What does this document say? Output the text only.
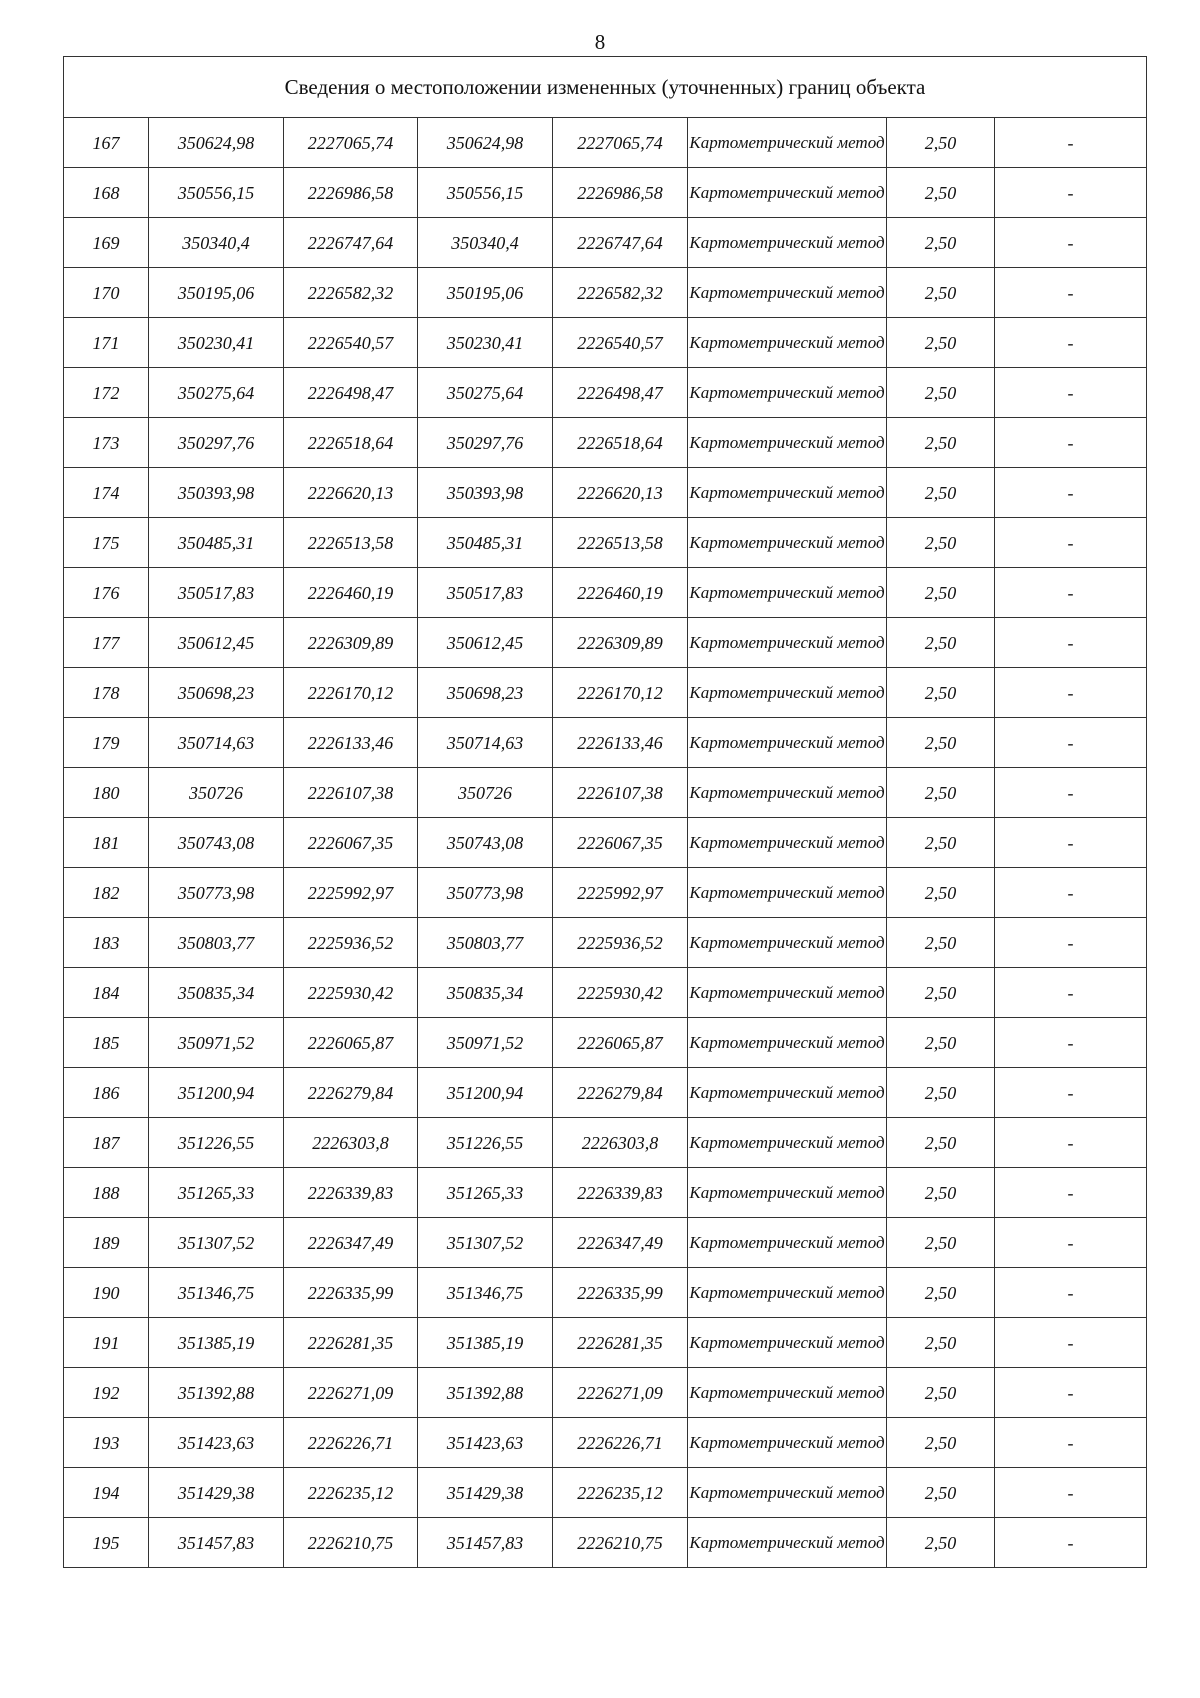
8
Сведения о местоположении измененных (уточненных) границ объекта							
167	350624,98	2227065,74	350624,98	2227065,74	Картометрический метод	2,50	-
168	350556,15	2226986,58	350556,15	2226986,58	Картометрический метод	2,50	-
169	350340,4	2226747,64	350340,4	2226747,64	Картометрический метод	2,50	-
170	350195,06	2226582,32	350195,06	2226582,32	Картометрический метод	2,50	-
171	350230,41	2226540,57	350230,41	2226540,57	Картометрический метод	2,50	-
172	350275,64	2226498,47	350275,64	2226498,47	Картометрический метод	2,50	-
173	350297,76	2226518,64	350297,76	2226518,64	Картометрический метод	2,50	-
174	350393,98	2226620,13	350393,98	2226620,13	Картометрический метод	2,50	-
175	350485,31	2226513,58	350485,31	2226513,58	Картометрический метод	2,50	-
176	350517,83	2226460,19	350517,83	2226460,19	Картометрический метод	2,50	-
177	350612,45	2226309,89	350612,45	2226309,89	Картометрический метод	2,50	-
178	350698,23	2226170,12	350698,23	2226170,12	Картометрический метод	2,50	-
179	350714,63	2226133,46	350714,63	2226133,46	Картометрический метод	2,50	-
180	350726	2226107,38	350726	2226107,38	Картометрический метод	2,50	-
181	350743,08	2226067,35	350743,08	2226067,35	Картометрический метод	2,50	-
182	350773,98	2225992,97	350773,98	2225992,97	Картометрический метод	2,50	-
183	350803,77	2225936,52	350803,77	2225936,52	Картометрический метод	2,50	-
184	350835,34	2225930,42	350835,34	2225930,42	Картометрический метод	2,50	-
185	350971,52	2226065,87	350971,52	2226065,87	Картометрический метод	2,50	-
186	351200,94	2226279,84	351200,94	2226279,84	Картометрический метод	2,50	-
187	351226,55	2226303,8	351226,55	2226303,8	Картометрический метод	2,50	-
188	351265,33	2226339,83	351265,33	2226339,83	Картометрический метод	2,50	-
189	351307,52	2226347,49	351307,52	2226347,49	Картометрический метод	2,50	-
190	351346,75	2226335,99	351346,75	2226335,99	Картометрический метод	2,50	-
191	351385,19	2226281,35	351385,19	2226281,35	Картометрический метод	2,50	-
192	351392,88	2226271,09	351392,88	2226271,09	Картометрический метод	2,50	-
193	351423,63	2226226,71	351423,63	2226226,71	Картометрический метод	2,50	-
194	351429,38	2226235,12	351429,38	2226235,12	Картометрический метод	2,50	-
195	351457,83	2226210,75	351457,83	2226210,75	Картометрический метод	2,50	-
